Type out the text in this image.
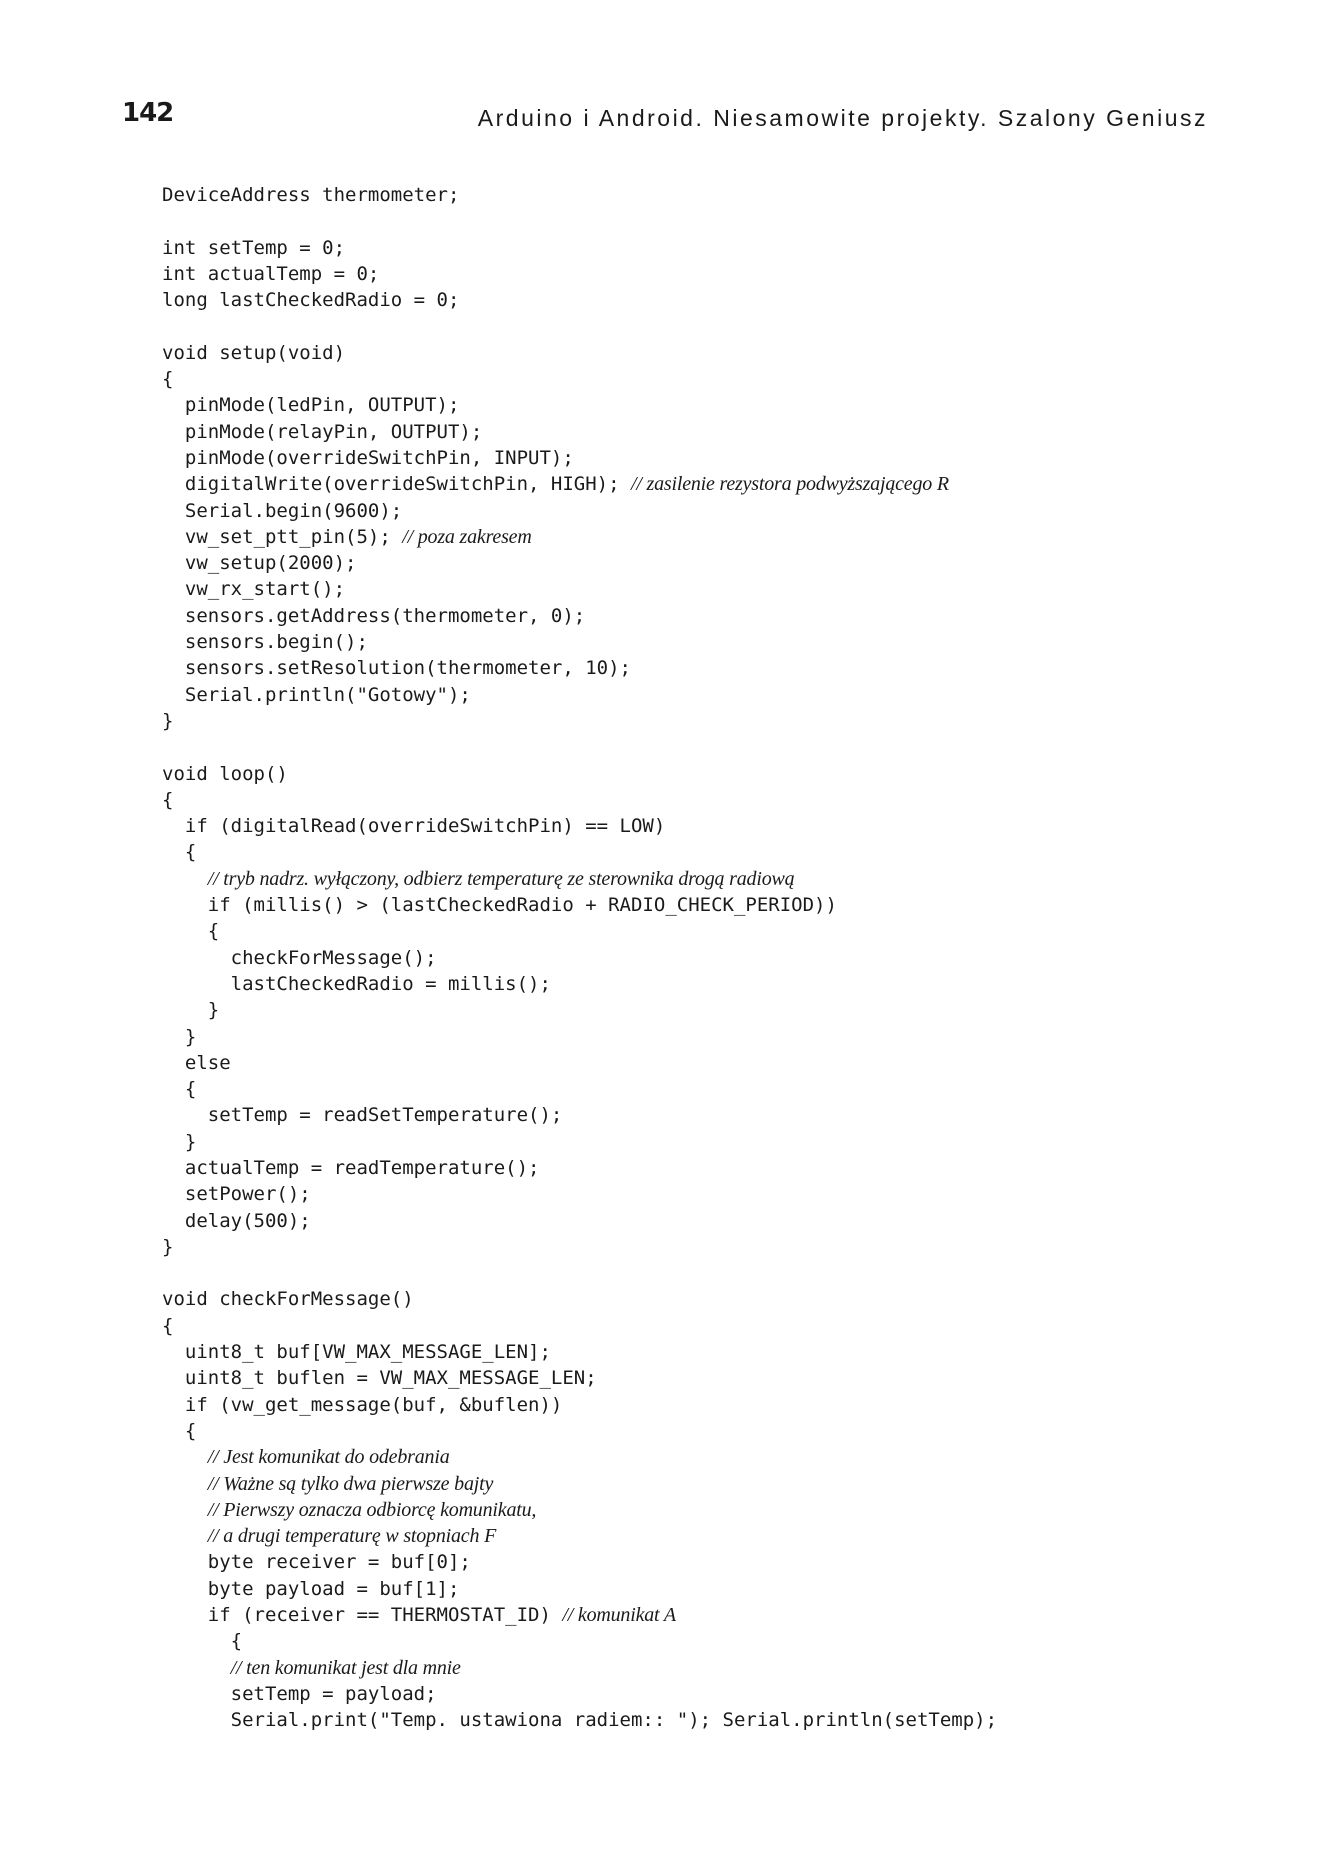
142	Arduino i Android. Niesamowite projekty. Szalony Geniusz
DeviceAddress thermometer;
int setTemp = 0;
int actualTemp = 0;
long lastCheckedRadio = 0;
void setup(void)
{
pinMode(ledPin, OUTPUT);
pinMode(relayPin, OUTPUT);
pinMode(overrideSwitchPin, INPUT);
digitalWrite(overrideSwitchPin, HIGH); // zasilenie rezystora podwyższającego R
Serial.begin(9600);
vw_set_ptt_pin(5); // poza zakresem
vw_setup(2000);
vw_rx_start();
sensors.getAddress(thermometer, 0);
sensors.begin();
sensors.setResolution(thermometer, 10);
Serial.println("Gotowy");
}
void loop()
{
if (digitalRead(overrideSwitchPin) == LOW)
{
// tryb nadrz. wyłączony, odbierz temperaturę ze sterownika drogą radiową
if (millis() > (lastCheckedRadio + RADIO_CHECK_PERIOD))
{
checkForMessage();
lastCheckedRadio = millis();
}
}
else
{
setTemp = readSetTemperature();
}
actualTemp = readTemperature();
setPower();
delay(500);
}
void checkForMessage()
{
uint8_t buf[VW_MAX_MESSAGE_LEN];
uint8_t buflen = VW_MAX_MESSAGE_LEN;
if (vw_get_message(buf, &buflen))
{
// Jest komunikat do odebrania
// Ważne są tylko dwa pierwsze bajty
// Pierwszy oznacza odbiorcę komunikatu,
// a drugi temperaturę w stopniach F
byte receiver = buf[0];
byte payload = buf[1];
if (receiver == THERMOSTAT_ID) // komunikat A
{
// ten komunikat jest dla mnie
setTemp = payload;
Serial.print("Temp. ustawiona radiem:: "); Serial.println(setTemp);
